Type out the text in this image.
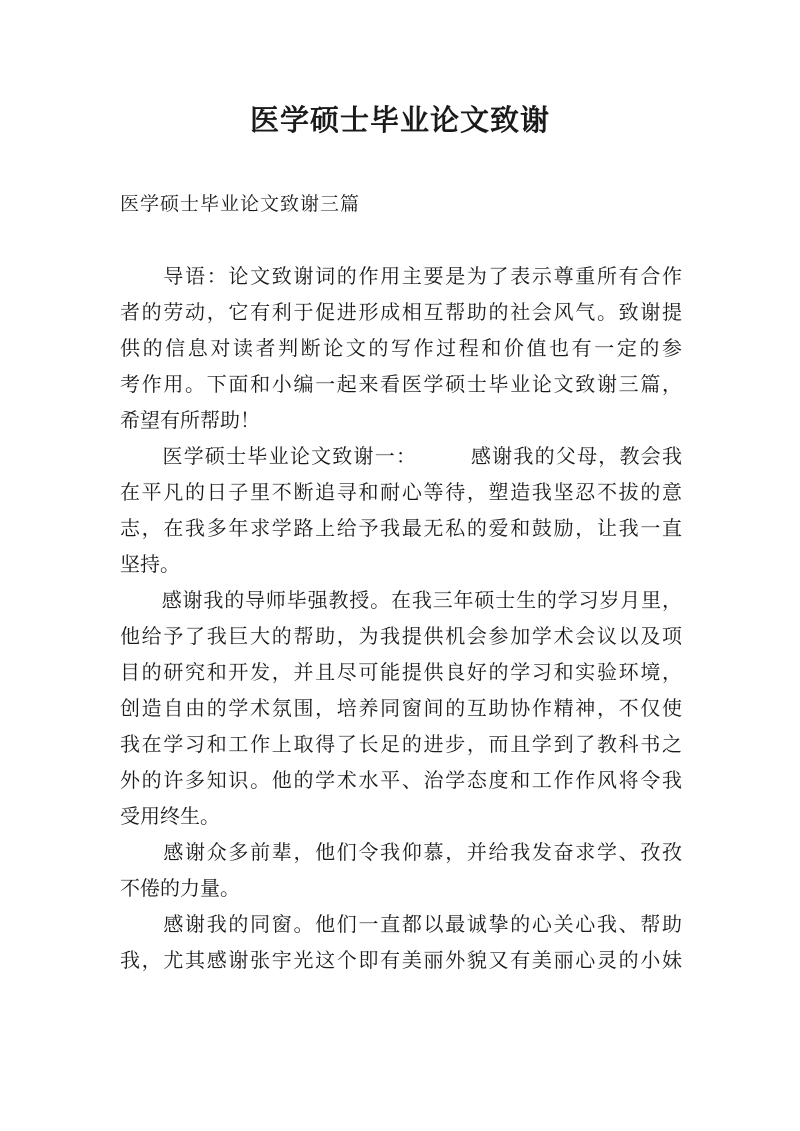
医学硕士毕业论文致谢

医学硕士毕业论文致谢三篇

　　导语：论文致谢词的作用主要是为了表示尊重所有合作
者的劳动，它有利于促进形成相互帮助的社会风气。致谢提
供的信息对读者判断论文的写作过程和价值也有一定的参
考作用。下面和小编一起来看医学硕士毕业论文致谢三篇，
希望有所帮助！
　　医学硕士毕业论文致谢一：　　　感谢我的父母，教会我
在平凡的日子里不断追寻和耐心等待，塑造我坚忍不拔的意
志，在我多年求学路上给予我最无私的爱和鼓励，让我一直
坚持。
　　感谢我的导师毕强教授。在我三年硕士生的学习岁月里，
他给予了我巨大的帮助，为我提供机会参加学术会议以及项
目的研究和开发，并且尽可能提供良好的学习和实验环境，
创造自由的学术氛围，培养同窗间的互助协作精神，不仅使
我在学习和工作上取得了长足的进步，而且学到了教科书之
外的许多知识。他的学术水平、治学态度和工作作风将令我
受用终生。
　　感谢众多前辈，他们令我仰慕，并给我发奋求学、孜孜
不倦的力量。
　　感谢我的同窗。他们一直都以最诚挚的心关心我、帮助
我，尤其感谢张宇光这个即有美丽外貌又有美丽心灵的小妹
